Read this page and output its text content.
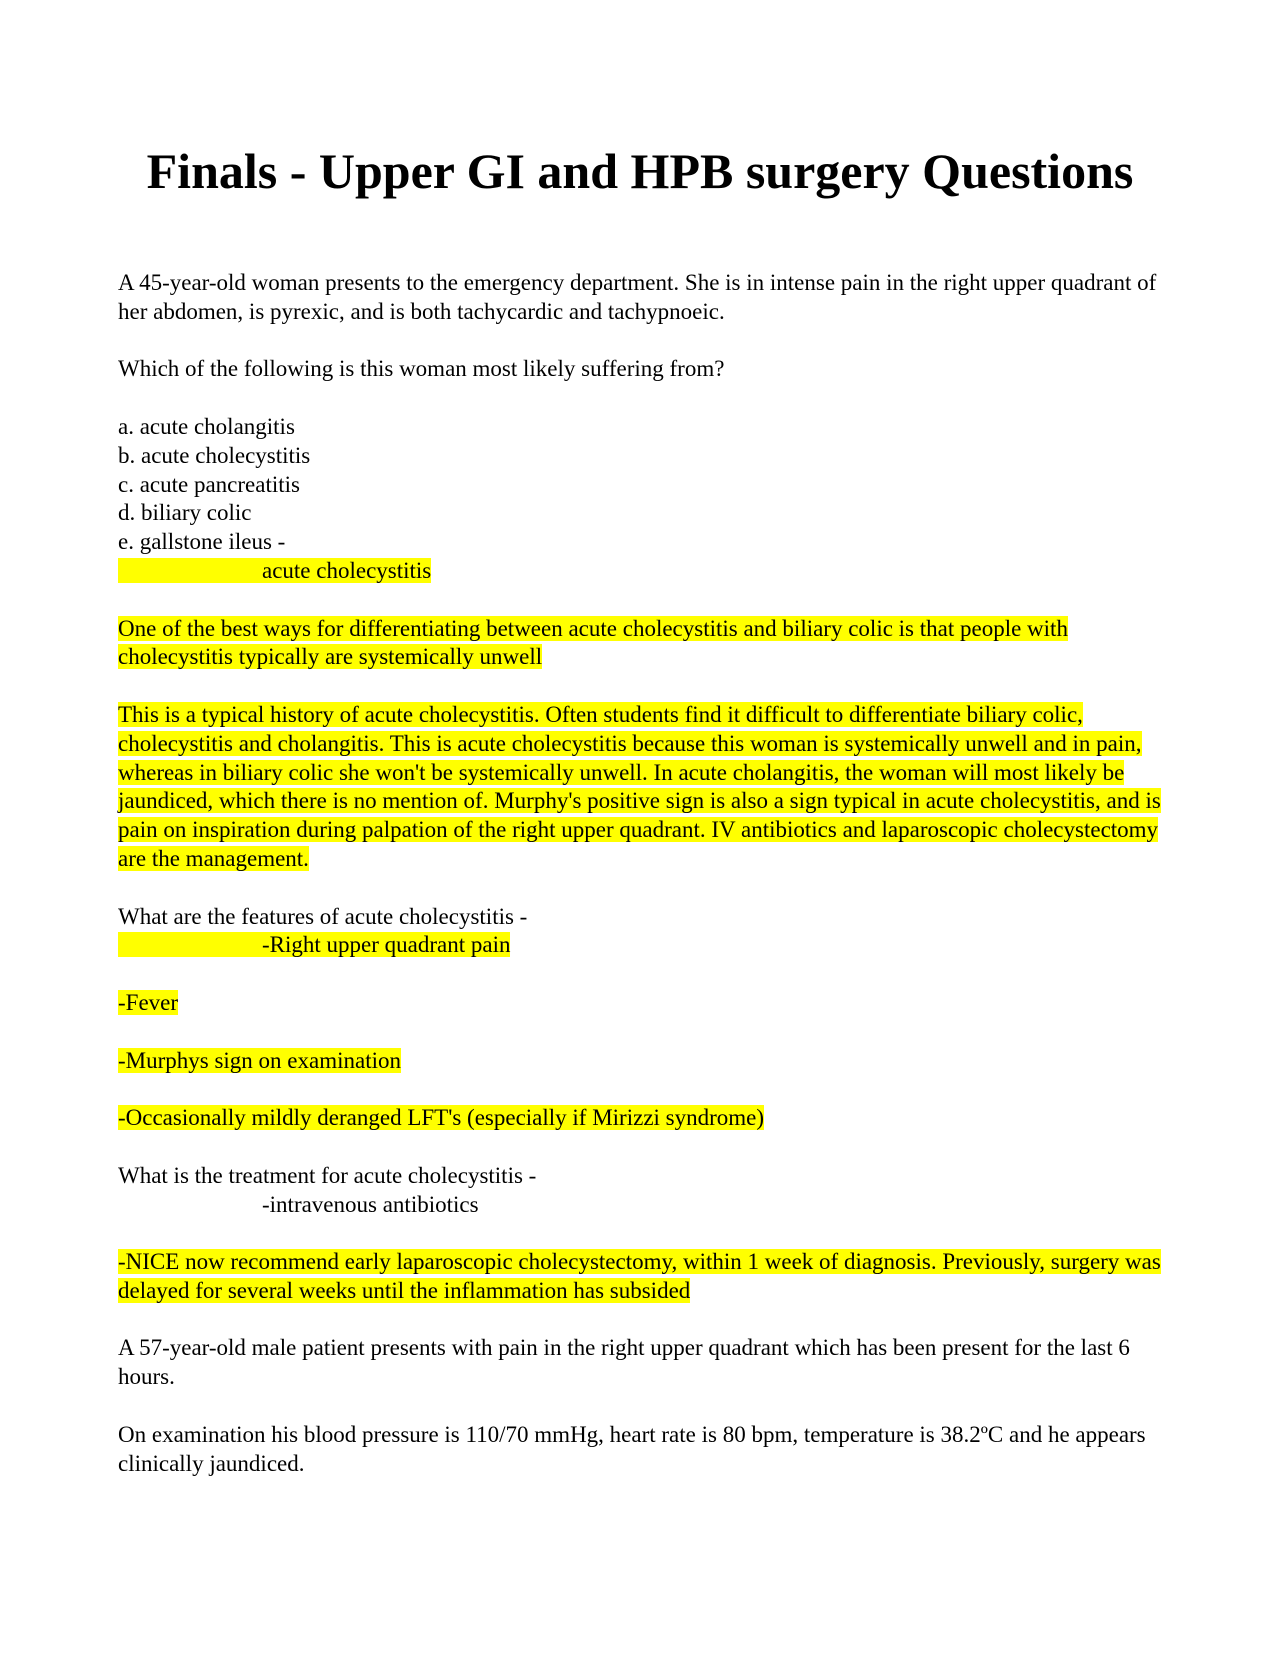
Finals - Upper GI and HPB surgery Questions

A 45-year-old woman presents to the emergency department. She is in intense pain in the right upper quadrant of her abdomen, is pyrexic, and is both tachycardic and tachypnoeic.

Which of the following is this woman most likely suffering from?

a. acute cholangitis
b. acute cholecystitis
c. acute pancreatitis
d. biliary colic
e. gallstone ileus -

acute cholecystitis

One of the best ways for differentiating between acute cholecystitis and biliary colic is that people with cholecystitis typically are systemically unwell

This is a typical history of acute cholecystitis. Often students find it difficult to differentiate biliary colic, cholecystitis and cholangitis. This is acute cholecystitis because this woman is systemically unwell and in pain, whereas in biliary colic she won't be systemically unwell. In acute cholangitis, the woman will most likely be jaundiced, which there is no mention of. Murphy's positive sign is also a sign typical in acute cholecystitis, and is pain on inspiration during palpation of the right upper quadrant. IV antibiotics and laparoscopic cholecystectomy are the management.

What are the features of acute cholecystitis -

-Right upper quadrant pain

-Fever

-Murphys sign on examination

-Occasionally mildly deranged LFT's (especially if Mirizzi syndrome)

What is the treatment for acute cholecystitis -

-intravenous antibiotics

-NICE now recommend early laparoscopic cholecystectomy, within 1 week of diagnosis. Previously, surgery was delayed for several weeks until the inflammation has subsided

A 57-year-old male patient presents with pain in the right upper quadrant which has been present for the last 6 hours.

On examination his blood pressure is 110/70 mmHg, heart rate is 80 bpm, temperature is 38.2ºC and he appears clinically jaundiced.
